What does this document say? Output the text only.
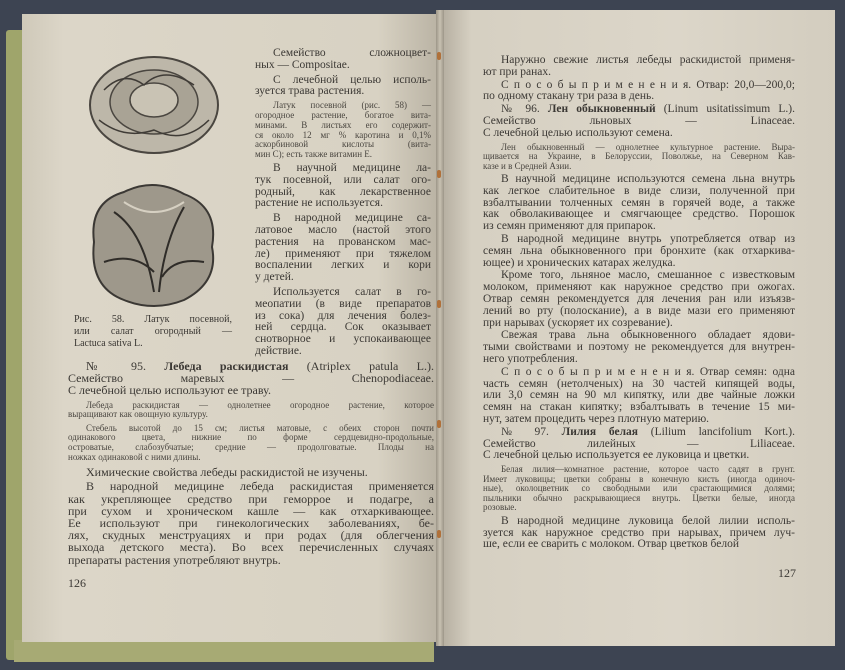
Рис. 58. Латук посевной,
или салат огородный —
Lactuca sativa L.
Семейство сложноцвет-
ных — Compositae.
С лечебной целью исполь-
зуется трава растения.
Латук посевной (рис. 58) —
огородное растение, богатое вита-
минами. В листьях его содержит-
ся около 12 мг % каротина и 0,1%
аскорбиновой кислоты (вита-
мин С); есть также витамин Е.
В научной медицине ла-
тук посевной, или салат ого-
родный, как лекарственное
растение не используется.
В народной медицине са-
латовое масло (настой этого
растения на прованском мас-
ле) применяют при тяжелом
воспалении легких и кори
у детей.
Используется салат в го-
меопатии (в виде препаратов
из сока) для лечения болез-
ней сердца. Сок оказывает
снотворное и успокаивающее
действие.
№ 95. Лебеда раскидистая (Atriplex patula L.).
Семейство маревых — Chenopodiaceae.
С лечебной целью используют ее траву.
Лебеда раскидистая — однолетнее огородное растение, которое
выращивают как овощную культуру.
Стебель высотой до 15 см; листья матовые, с обеих сторон почти
одинакового цвета, нижние по форме сердцевидно-продольные,
островатые, слабозубчатые; средние — продолговатые. Плоды на
ножках одинаковой с ними длины.
Химические свойства лебеды раскидистой не изучены.
В народной медицине лебеда раскидистая применяется
как укрепляющее средство при геморрое и подагре, а
при сухом и хроническом кашле — как отхаркивающее.
Ее используют при гинекологических заболеваниях, бе-
лях, скудных менструациях и при родах (для облегчения
выхода детского места). Во всех перечисленных случаях
препараты растения употребляют внутрь.
126
Наружно свежие листья лебеды раскидистой применя-
ют при ранах.
С п о с о б ы п р и м е н е н и я. Отвар: 20,0—200,0;
по одному стакану три раза в день.
№ 96. Лен обыкновенный (Linum usitatissimum L.).
Семейство льновых — Linaceae.
С лечебной целью используют семена.
Лен обыкновенный — однолетнее культурное растение. Выра-
щивается на Украине, в Белоруссии, Поволжье, на Северном Кав-
казе и в Средней Азии.
В научной медицине используются семена льна внутрь
как легкое слабительное в виде слизи, полученной при
взбалтывании толченных семян в горячей воде, а также
как обволакивающее и смягчающее средство. Порошок
из семян применяют для припарок.
В народной медицине внутрь употребляется отвар из
семян льна обыкновенного при бронхите (как отхаркива-
ющее) и хронических катарах желудка.
Кроме того, льняное масло, смешанное с известковым
молоком, применяют как наружное средство при ожогах.
Отвар семян рекомендуется для лечения ран или изъязв-
лений во рту (полоскание), а в виде мази его применяют
при нарывах (ускоряет их созревание).
Свежая трава льна обыкновенного обладает ядови-
тыми свойствами и поэтому не рекомендуется для внутрен-
него употребления.
С п о с о б ы п р и м е н е н и я. Отвар семян: одна
часть семян (нетолченых) на 30 частей кипящей воды,
или 3,0 семян на 90 мл кипятку, или две чайные ложки
семян на стакан кипятку; взбалтывать в течение 15 ми-
нут, затем процедить через плотную материю.
№ 97. Лилия белая (Lilium lancifolium Kort.).
Семейство лилейных — Liliaceae.
С лечебной целью используется ее луковица и цветки.
Белая лилия—комнатное растение, которое часто садят в грунт.
Имеет луковицы; цветки собраны в конечную кисть (иногда одиноч-
ные), околоцветник со свободными или срастающимися долями;
пыльники обычно раскрывающиеся внутрь. Цветки белые, иногда
розовые.
В народной медицине луковица белой лилии исполь-
зуется как наружное средство при нарывах, причем луч-
ше, если ее сварить с молоком. Отвар цветков белой
127
